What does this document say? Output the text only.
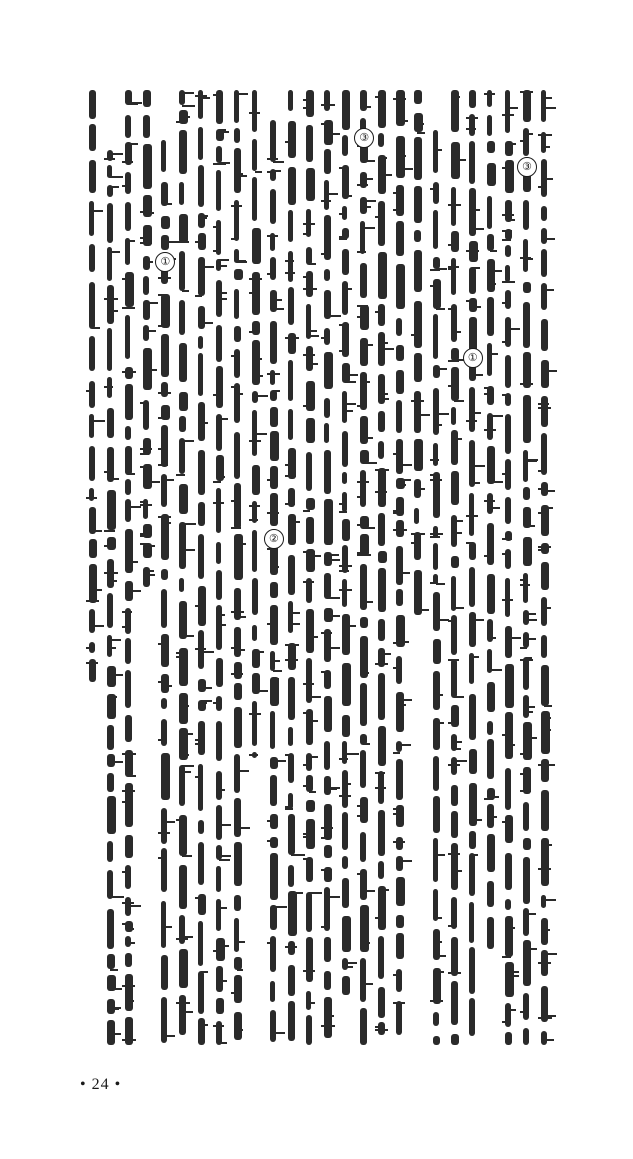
①
②
③
①
③
• 24 •
